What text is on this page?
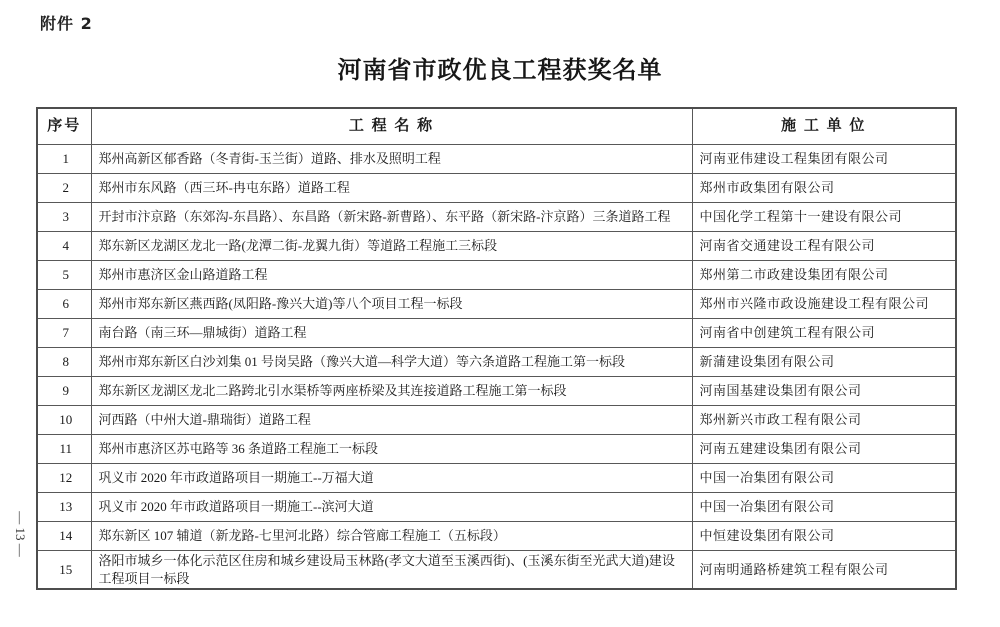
附件 2
河南省市政优良工程获奖名单
— 13 —
序号	工 程 名 称	施 工 单 位
1	郑州高新区郁香路（冬青街-玉兰街）道路、排水及照明工程	河南亚伟建设工程集团有限公司
2	郑州市东风路（西三环-冉屯东路）道路工程	郑州市政集团有限公司
3	开封市汴京路（东郊沟-东昌路）、东昌路（新宋路-新曹路）、东平路（新宋路-汴京路）三条道路工程	中国化学工程第十一建设有限公司
4	郑东新区龙湖区龙北一路(龙潭二街-龙翼九街）等道路工程施工三标段	河南省交通建设工程有限公司
5	郑州市惠济区金山路道路工程	郑州第二市政建设集团有限公司
6	郑州市郑东新区燕西路(凤阳路-豫兴大道)等八个项目工程一标段	郑州市兴隆市政设施建设工程有限公司
7	南台路（南三环—鼎城街）道路工程	河南省中创建筑工程有限公司
8	郑州市郑东新区白沙刘集 01 号岗吴路（豫兴大道—科学大道）等六条道路工程施工第一标段	新蒲建设集团有限公司
9	郑东新区龙湖区龙北二路跨北引水渠桥等两座桥梁及其连接道路工程施工第一标段	河南国基建设集团有限公司
10	河西路（中州大道-鼎瑞街）道路工程	郑州新兴市政工程有限公司
11	郑州市惠济区苏屯路等 36 条道路工程施工一标段	河南五建建设集团有限公司
12	巩义市 2020 年市政道路项目一期施工--万福大道	中国一冶集团有限公司
13	巩义市 2020 年市政道路项目一期施工--滨河大道	中国一冶集团有限公司
14	郑东新区 107 辅道（新龙路-七里河北路）综合管廊工程施工（五标段）	中恒建设集团有限公司
15	洛阳市城乡一体化示范区住房和城乡建设局玉林路(孝文大道至玉溪西街)、(玉溪东街至光武大道)建设工程项目一标段	河南明通路桥建筑工程有限公司
